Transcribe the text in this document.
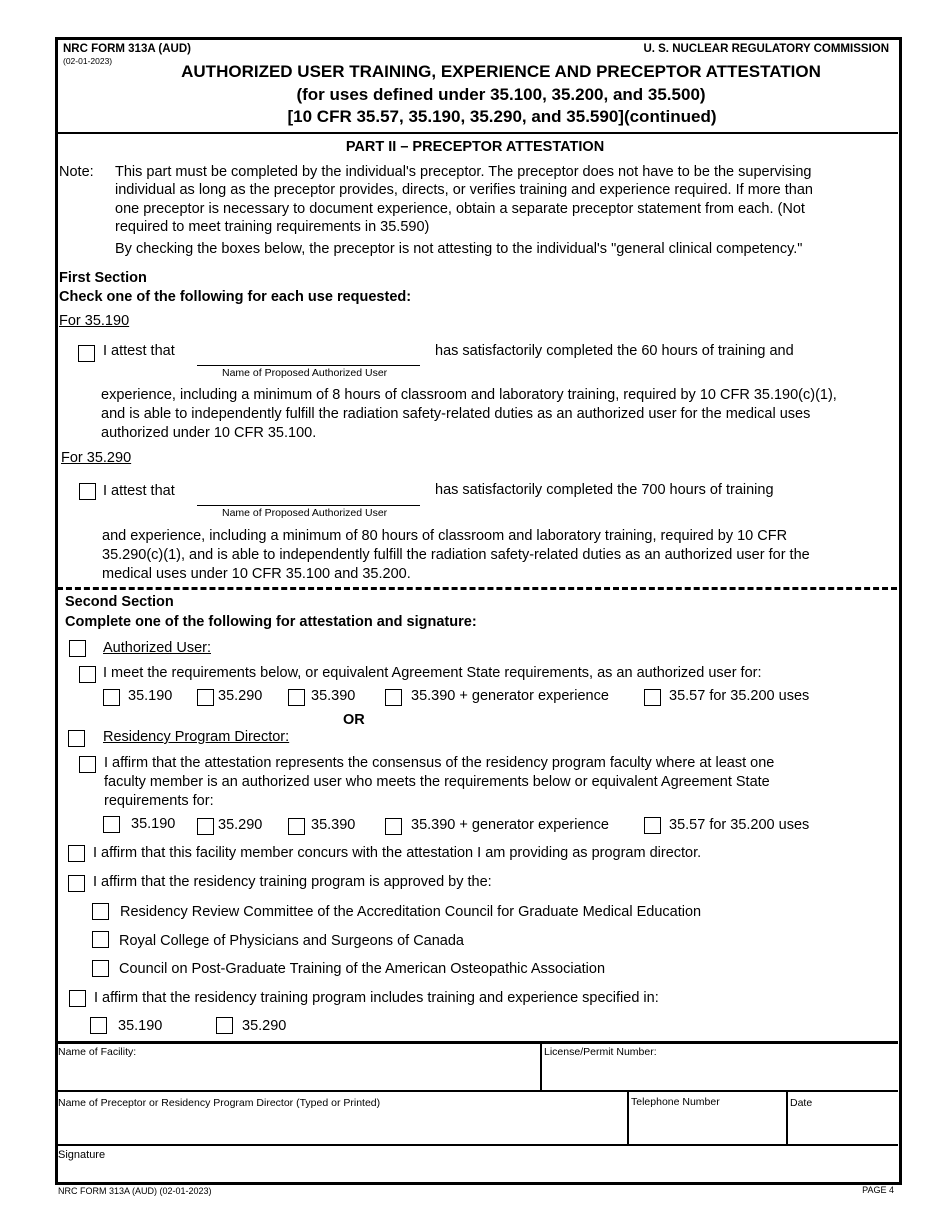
NRC FORM 313A (AUD)
(02-01-2023)
U. S. NUCLEAR REGULATORY COMMISSION
AUTHORIZED USER TRAINING, EXPERIENCE AND PRECEPTOR ATTESTATION
(for uses defined under 35.100, 35.200, and 35.500)
[10 CFR 35.57, 35.190, 35.290, and 35.590](continued)
PART II – PRECEPTOR ATTESTATION
Note: This part must be completed by the individual's preceptor. The preceptor does not have to be the supervising
individual as long as the preceptor provides, directs, or verifies training and experience required. If more than
one preceptor is necessary to document experience, obtain a separate preceptor statement from each. (Not
required to meet training requirements in 35.590)
By checking the boxes below, the preceptor is not attesting to the individual's "general clinical competency."
First Section
Check one of the following for each use requested:
For 35.190
I attest that
Name of Proposed Authorized User
has satisfactorily completed the 60 hours of training and
experience, including a minimum of 8 hours of classroom and laboratory training, required by 10 CFR 35.190(c)(1),
and is able to independently fulfill the radiation safety-related duties as an authorized user for the medical uses
authorized under 10 CFR 35.100.
For 35.290
I attest that
Name of Proposed Authorized User
has satisfactorily completed the 700 hours of training
and experience, including a minimum of 80 hours of classroom and laboratory training, required by 10 CFR
35.290(c)(1), and is able to independently fulfill the radiation safety-related duties as an authorized user for the
medical uses under 10 CFR 35.100 and 35.200.
Second Section
Complete one of the following for attestation and signature:
Authorized User:
I meet the requirements below, or equivalent Agreement State requirements, as an authorized user for:
35.190	35.290	35.390	35.390 + generator experience	35.57 for 35.200 uses
OR
Residency Program Director:
I affirm that the attestation represents the consensus of the residency program faculty where at least one
faculty member is an authorized user who meets the requirements below or equivalent Agreement State
requirements for:
35.190	35.290	35.390	35.390 + generator experience	35.57 for 35.200 uses
I affirm that this facility member concurs with the attestation I am providing as program director.
I affirm that the residency training program is approved by the:
Residency Review Committee of the Accreditation Council for Graduate Medical Education
Royal College of Physicians and Surgeons of Canada
Council on Post-Graduate Training of the American Osteopathic Association
I affirm that the residency training program includes training and experience specified in:
35.190	35.290
Name of Facility:	License/Permit Number:
Name of Preceptor or Residency Program Director (Typed or Printed)	Telephone Number	Date
Signature
NRC FORM 313A (AUD) (02-01-2023)	PAGE 4
